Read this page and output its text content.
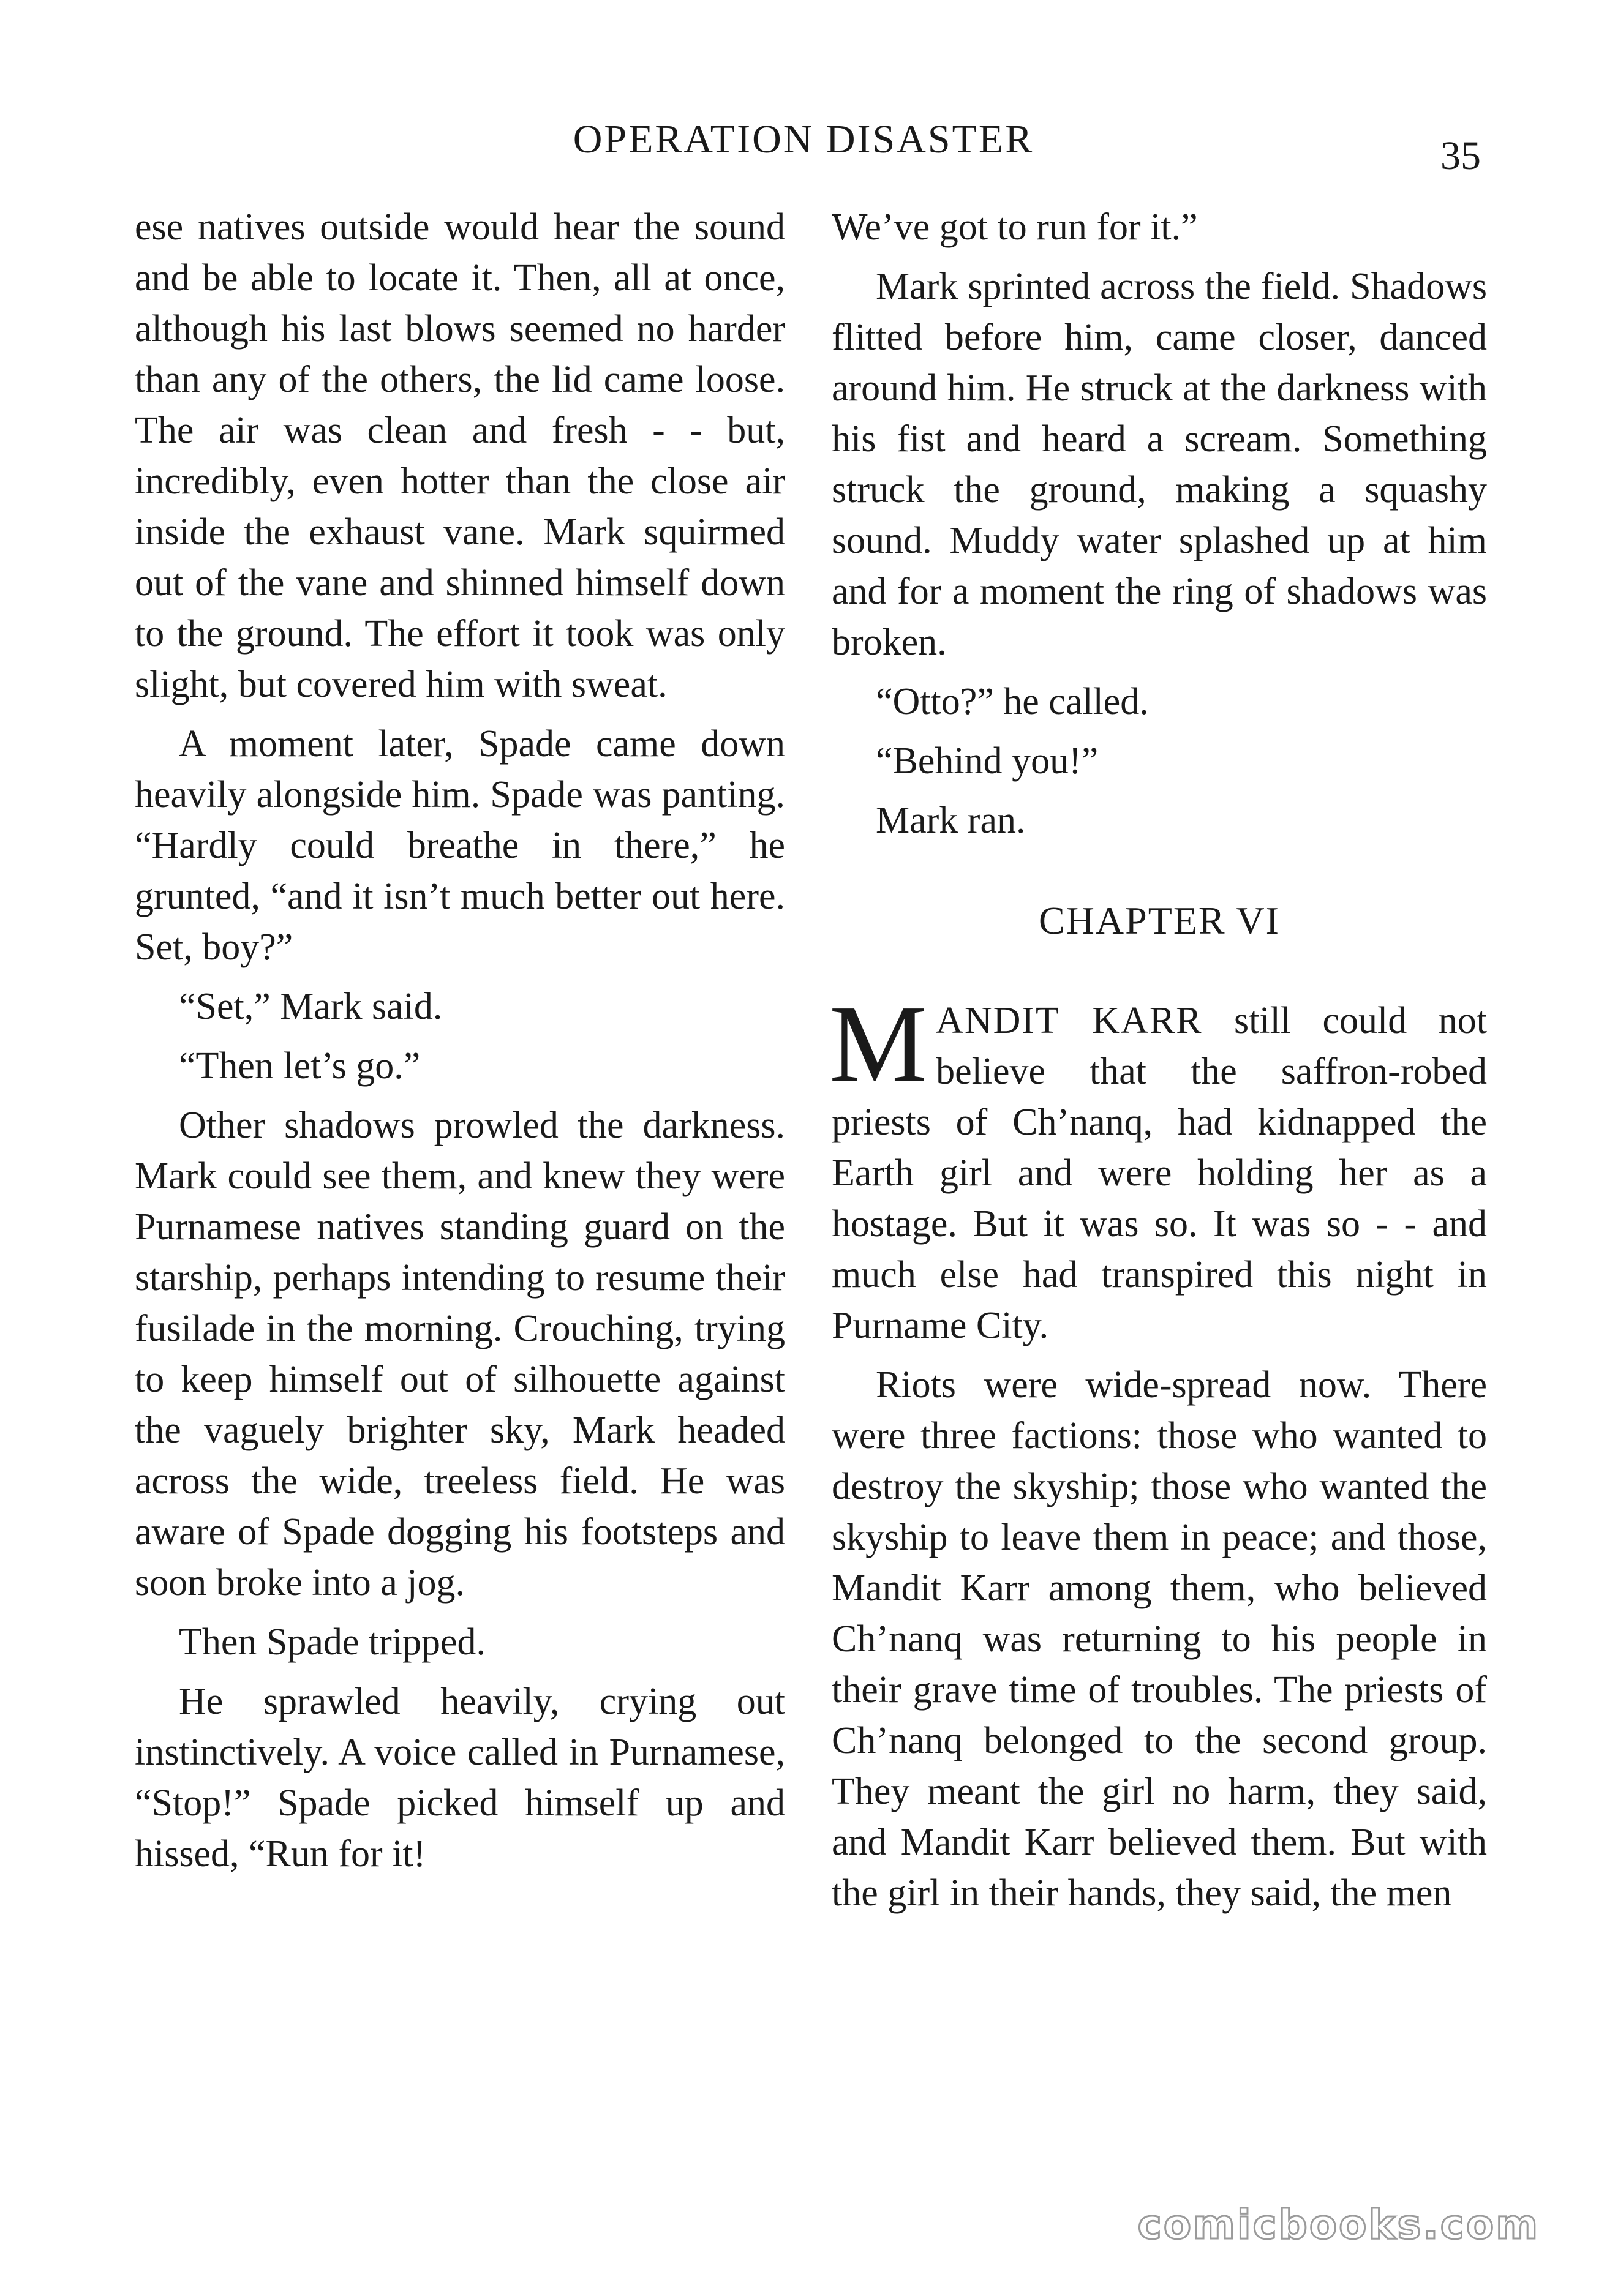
OPERATION DISASTER	35

ese natives outside would hear the sound and be able to locate it. Then, all at once, although his last blows seemed no harder than any of the others, the lid came loose. The air was clean and fresh - - but, incredibly, even hotter than the close air inside the exhaust vane. Mark squirmed out of the vane and shinned himself down to the ground. The effort it took was only slight, but covered him with sweat.

A moment later, Spade came down heavily alongside him. Spade was panting. “Hardly could breathe in there,” he grunted, “and it isn’t much better out here. Set, boy?”

“Set,” Mark said.

“Then let’s go.”

Other shadows prowled the darkness. Mark could see them, and knew they were Purnamese natives standing guard on the starship, perhaps intending to resume their fusilade in the morning. Crouching, trying to keep himself out of silhouette against the vaguely brighter sky, Mark headed across the wide, treeless field. He was aware of Spade dogging his footsteps and soon broke into a jog.

Then Spade tripped.

He sprawled heavily, crying out instinctively. A voice called in Purnamese, “Stop!” Spade picked himself up and hissed, “Run for it!

We’ve got to run for it.”

Mark sprinted across the field. Shadows flitted before him, came closer, danced around him. He struck at the darkness with his fist and heard a scream. Something struck the ground, making a squashy sound. Muddy water splashed up at him and for a moment the ring of shadows was broken.

“Otto?” he called.

“Behind you!”

Mark ran.

CHAPTER VI

MANDIT KARR still could not believe that the saffron-robed priests of Ch’nanq, had kidnapped the Earth girl and were holding her as a hostage. But it was so. It was so - - and much else had transpired this night in Purname City.

Riots were wide-spread now. There were three factions: those who wanted to destroy the skyship; those who wanted the skyship to leave them in peace; and those, Mandit Karr among them, who believed Ch’nanq was returning to his people in their grave time of troubles. The priests of Ch’nanq belonged to the second group. They meant the girl no harm, they said, and Mandit Karr believed them. But with the girl in their hands, they said, the men

comicbooks.com
